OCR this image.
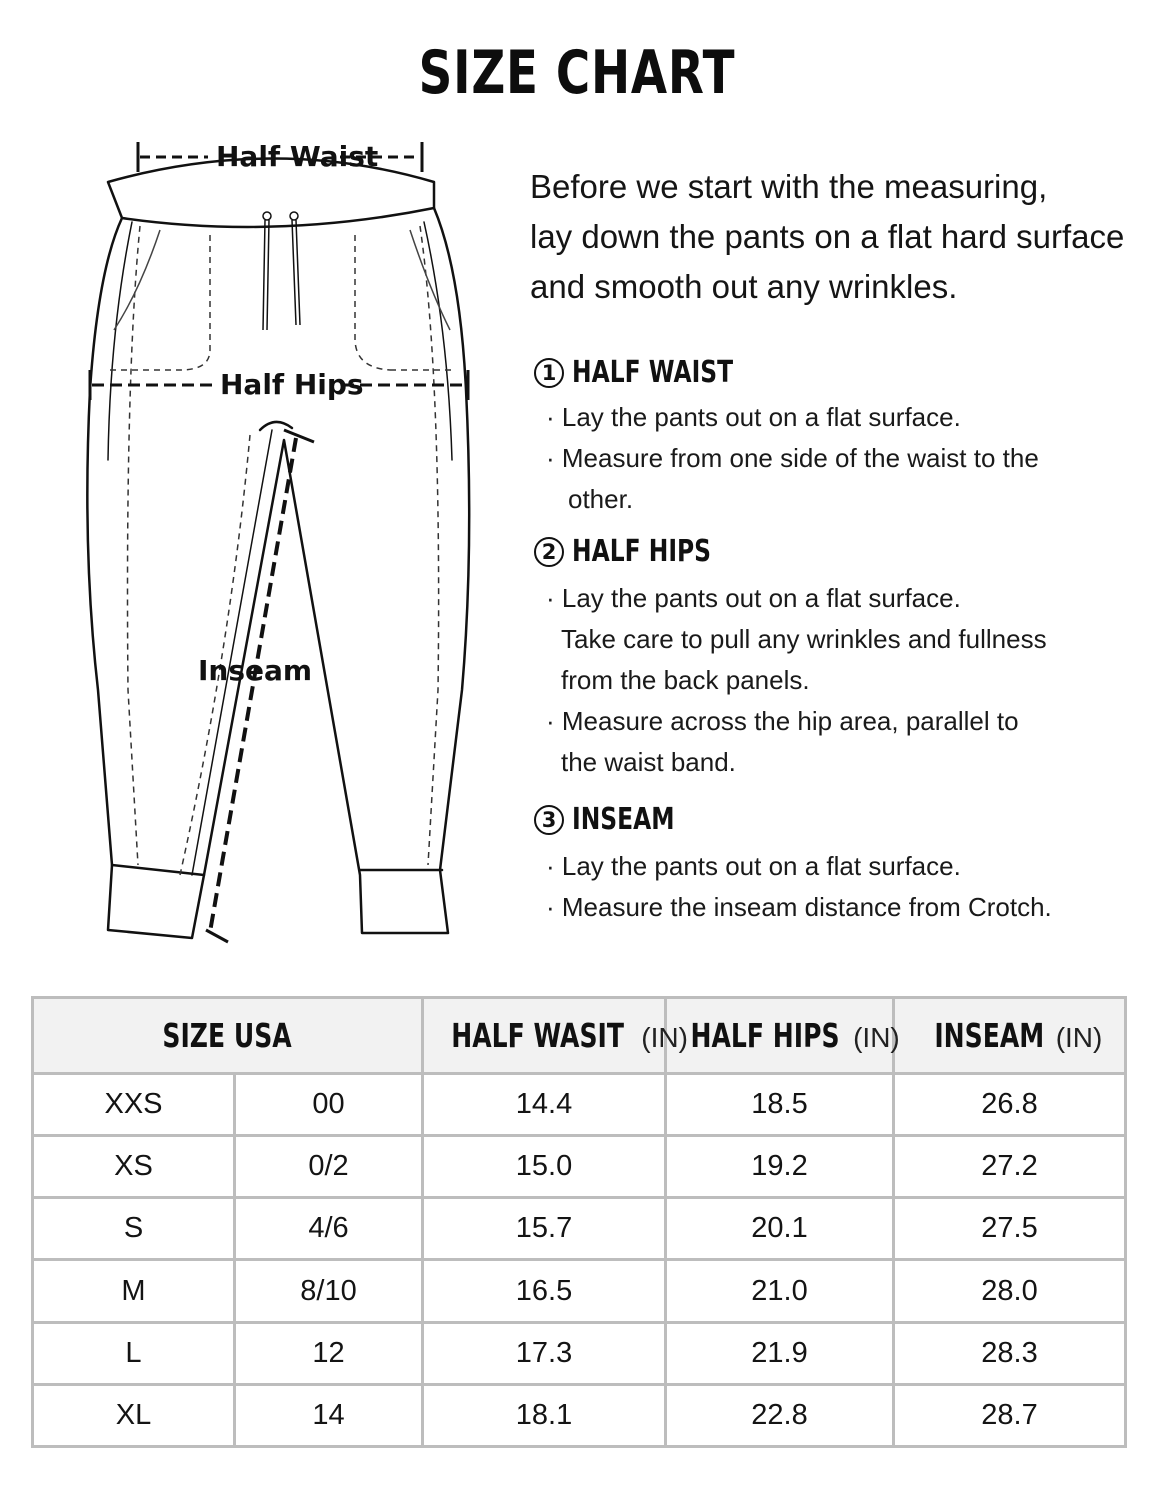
SIZE CHART
Half Waist
Half Hips
Inseam
Before we start with the measuring,
lay down the pants on a flat hard surface
and smooth out any wrinkles.
1 HALF WAIST
· Lay the pants out on a flat surface.
· Measure from one side of the waist to the
other.
2 HALF HIPS
· Lay the pants out on a flat surface.
Take care to pull any wrinkles and fullness
from the back panels.
· Measure across the hip area, parallel to
the waist band.
3 INSEAM
· Lay the pants out on a flat surface.
· Measure the inseam distance from Crotch.
SIZE USA		HALF WASIT (IN)	HALF HIPS (IN)	INSEAM (IN)
XXS	00	14.4	18.5	26.8
XS	0/2	15.0	19.2	27.2
S	4/6	15.7	20.1	27.5
M	8/10	16.5	21.0	28.0
L	12	17.3	21.9	28.3
XL	14	18.1	22.8	28.7
